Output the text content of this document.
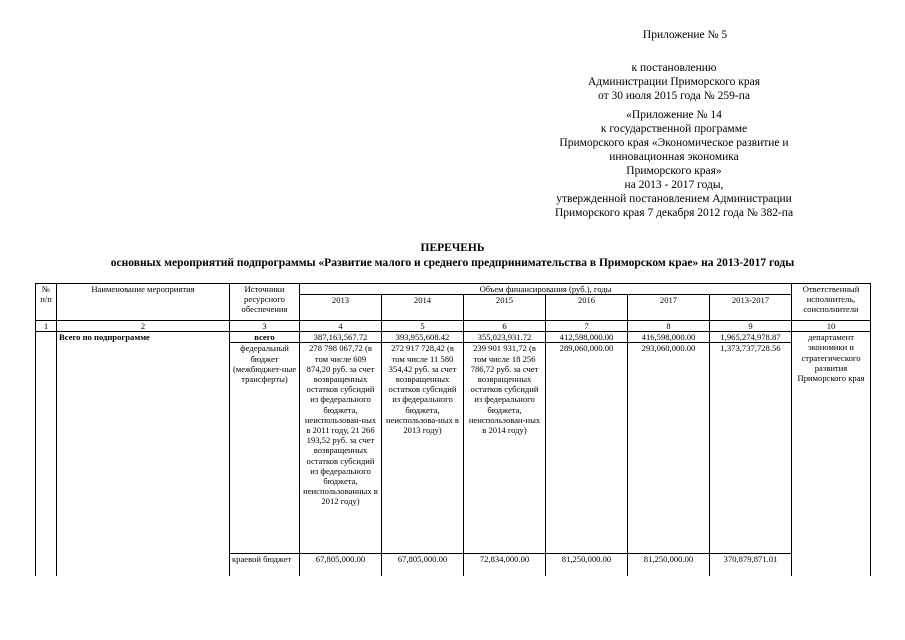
Приложение № 5

к постановлению

Администрации Приморского края

от 30 июля 2015 года № 259-па

«Приложение № 14

к государственной программе

Приморского края «Экономическое развитие и

инновационная экономика

Приморского края»

на 2013 - 2017 годы,

утвержденной постановлением Администрации

Приморского края 7 декабря 2012 года № 382-па

ПЕРЕЧЕНЬ
основных мероприятий подпрограммы «Развитие малого и среднего предпринимательства в Приморском крае» на 2013-2017 годы
№ п/п	Наименование мероприятия	Источники ресурсного обеспечения	Объем финансирования (руб.), годы						Ответственный исполнитель, соисполнители
			2013	2014	2015	2016	2017	2013-2017	
1	2	3	4	5	6	7	8	9	10
	Всего по подпрограмме	всего	387,163,567.72	393,955,608.42	355,023,931.72	412,598,000.00	416,598,000.00	1,965,274,978.87	департамент экономики и стратегического развития Приморского края
		федеральный бюджет (межбюджет-ные трансферты)	278 798 067,72 (в том числе 609 874,20 руб. за счет возвращенных остатков субсидий из федерального бюджета, неиспользован-ных в 2011 году, 21 266 193,52 руб. за счет возвращенных остатков субсидий из федерального бюджета, неиспользованных в 2012 году)	272 917 728,42 (в том числе 11 580 354,42 руб. за счет возвращенных остатков субсидий из федерального бюджета, неиспользова-ных в 2013 году)	239 901 931,72 (в том числе 18 256 786,72 руб. за счет возвращенных остатков субсидий из федерального бюджета, неиспользован-ных в 2014 году)	289,060,000.00	293,060,000.00	1,373,737,728.56	
		краевой бюджет	67,805,000.00	67,805,000.00	72,834,000.00	81,250,000.00	81,250,000.00	370,879,871.01	
